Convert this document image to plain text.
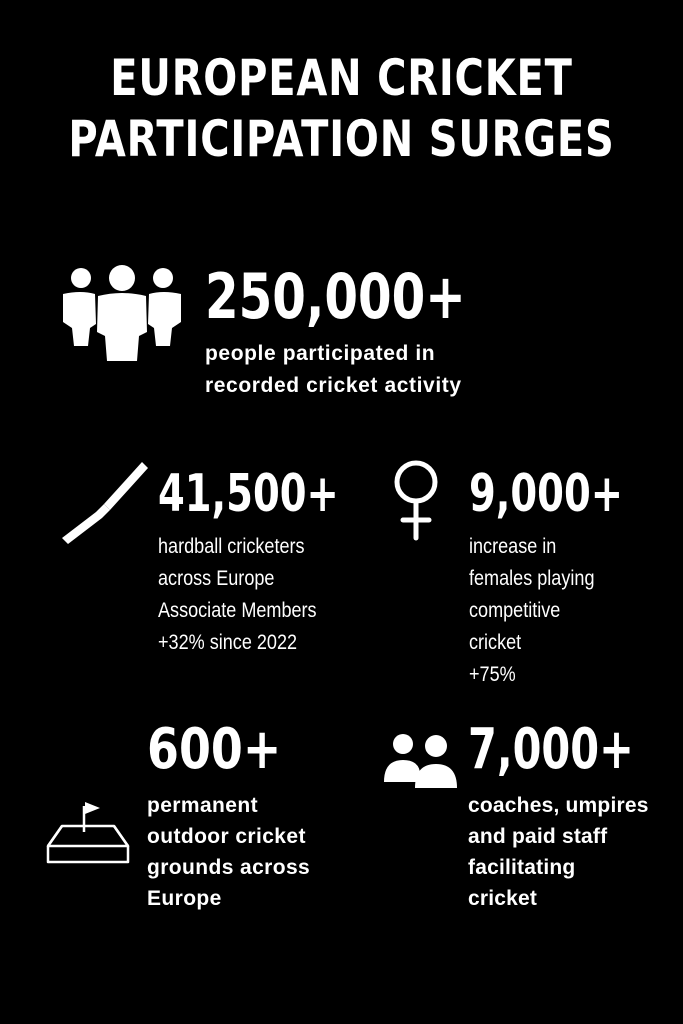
EUROPEAN CRICKET
PARTICIPATION SURGES
250,000+
people participated in
recorded cricket activity
41,500+
hardball cricketers
across Europe
Associate Members
+32% since 2022
9,000+
increase in
females playing
competitive
cricket
+75%
600+
permanent
outdoor cricket
grounds across
Europe
7,000+
coaches, umpires
and paid staff
facilitating
cricket
